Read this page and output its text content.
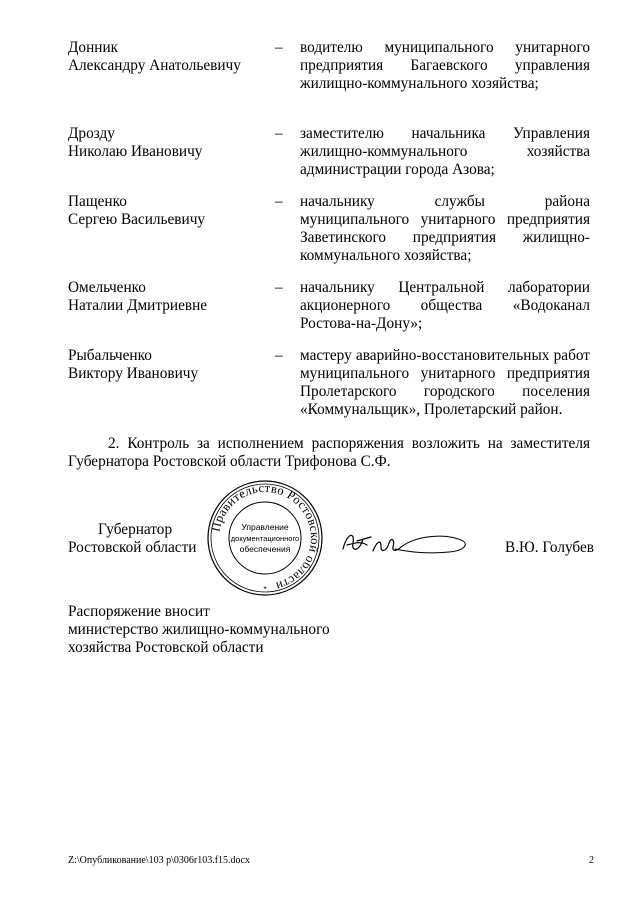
Донник
Александру Анатольевичу
– водителю муниципального унитарного предприятия Багаевского управления жилищно-коммунального хозяйства;
Дрозду
Николаю Ивановичу
– заместителю начальника Управления жилищно-коммунального хозяйства администрации города Азова;
Пащенко
Сергею Васильевичу
– начальнику службы района муниципального унитарного предприятия Заветинского предприятия жилищно-коммунального хозяйства;
Омельченко
Наталии Дмитриевне
– начальнику Центральной лаборатории акционерного общества «Водоканал Ростова-на-Дону»;
Рыбальченко
Виктору Ивановичу
– мастеру аварийно-восстановительных работ муниципального унитарного предприятия Пролетарского городского поселения «Коммунальщик», Пролетарский район.
2. Контроль за исполнением распоряжения возложить на заместителя Губернатора Ростовской области Трифонова С.Ф.
Губернатор
Ростовской области
Правительство Ростовской области
Управление
документационного
обеспечения
*
В.Ю. Голубев
Распоряжение вносит
министерство жилищно-коммунального
хозяйства Ростовской области
Z:\Опубликование\103 р\0306r103.f15.docx	2
